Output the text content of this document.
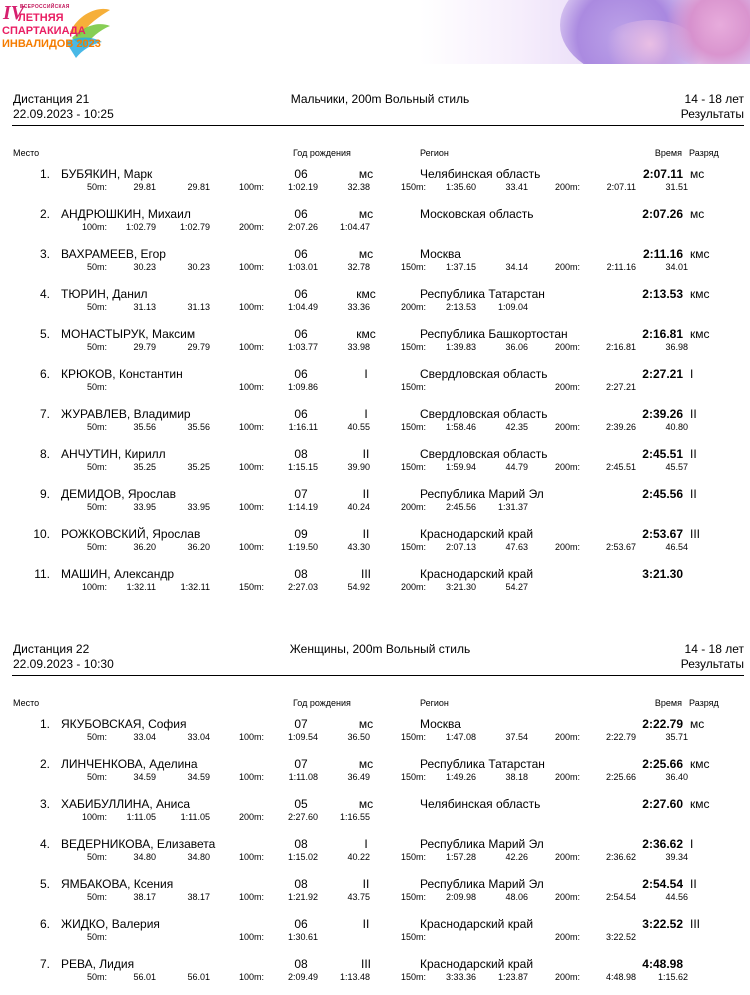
IV
ВСЕРОССИЙСКАЯ
ЛЕТНЯЯ
СПАРТАКИАДА
ИНВАЛИДОВ 2023
Дистанция 21
22.09.2023 - 10:25
Мальчики, 200m Вольный стиль	14 - 18 лет
Результаты
Место	Год рождения	Регион	Время Разряд
1. БУБЯКИН, Марк	06	мс	Челябинская область	2:07.11 мс
50m:	29.81	29.81	100m:	1:02.19	32.38	150m:	1:35.60	33.41	200m:	2:07.11	31.51
2. АНДРЮШКИН, Михаил	06	мс	Московская область	2:07.26 мс
100m:	1:02.79	1:02.79	200m:	2:07.26	1:04.47
3. ВАХРАМЕЕВ, Егор	06	мс	Москва	2:11.16 кмс
50m:	30.23	30.23	100m:	1:03.01	32.78	150m:	1:37.15	34.14	200m:	2:11.16	34.01
4. ТЮРИН, Данил	06	кмс	Республика Татарстан	2:13.53 кмс
50m:	31.13	31.13	100m:	1:04.49	33.36	200m:	2:13.53	1:09.04
5. МОНАСТЫРУК, Максим	06	кмс	Республика Башкортостан	2:16.81 кмс
50m:	29.79	29.79	100m:	1:03.77	33.98	150m:	1:39.83	36.06	200m:	2:16.81	36.98
6. КРЮКОВ, Константин	06	I	Свердловская область	2:27.21 I
50m:	100m:	1:09.86	150m:	200m:	2:27.21
7. ЖУРАВЛЕВ, Владимир	06	I	Свердловская область	2:39.26 II
50m:	35.56	35.56	100m:	1:16.11	40.55	150m:	1:58.46	42.35	200m:	2:39.26	40.80
8. АНЧУТИН, Кирилл	08	II	Свердловская область	2:45.51 II
50m:	35.25	35.25	100m:	1:15.15	39.90	150m:	1:59.94	44.79	200m:	2:45.51	45.57
9. ДЕМИДОВ, Ярослав	07	II	Республика Марий Эл	2:45.56 II
50m:	33.95	33.95	100m:	1:14.19	40.24	200m:	2:45.56	1:31.37
10. РОЖКОВСКИЙ, Ярослав	09	II	Краснодарский край	2:53.67 III
50m:	36.20	36.20	100m:	1:19.50	43.30	150m:	2:07.13	47.63	200m:	2:53.67	46.54
11. МАШИН, Александр	08	III	Краснодарский край	3:21.30
100m:	1:32.11	1:32.11	150m:	2:27.03	54.92	200m:	3:21.30	54.27
Дистанция 22
22.09.2023 - 10:30
Женщины, 200m Вольный стиль	14 - 18 лет
Результаты
Место	Год рождения	Регион	Время Разряд
1. ЯКУБОВСКАЯ, София	07	мс	Москва	2:22.79 мс
50m:	33.04	33.04	100m:	1:09.54	36.50	150m:	1:47.08	37.54	200m:	2:22.79	35.71
2. ЛИНЧЕНКОВА, Аделина	07	мс	Республика Татарстан	2:25.66 кмс
50m:	34.59	34.59	100m:	1:11.08	36.49	150m:	1:49.26	38.18	200m:	2:25.66	36.40
3. ХАБИБУЛЛИНА, Аниса	05	мс	Челябинская область	2:27.60 кмс
100m:	1:11.05	1:11.05	200m:	2:27.60	1:16.55
4. ВЕДЕРНИКОВА, Елизавета	08	I	Республика Марий Эл	2:36.62 I
50m:	34.80	34.80	100m:	1:15.02	40.22	150m:	1:57.28	42.26	200m:	2:36.62	39.34
5. ЯМБАКОВА, Ксения	08	II	Республика Марий Эл	2:54.54 II
50m:	38.17	38.17	100m:	1:21.92	43.75	150m:	2:09.98	48.06	200m:	2:54.54	44.56
6. ЖИДКО, Валерия	06	II	Краснодарский край	3:22.52 III
50m:	100m:	1:30.61	150m:	200m:	3:22.52
7. РЕВА, Лидия	08	III	Краснодарский край	4:48.98
50m:	56.01	56.01	100m:	2:09.49	1:13.48	150m:	3:33.36	1:23.87	200m:	4:48.98	1:15.62
